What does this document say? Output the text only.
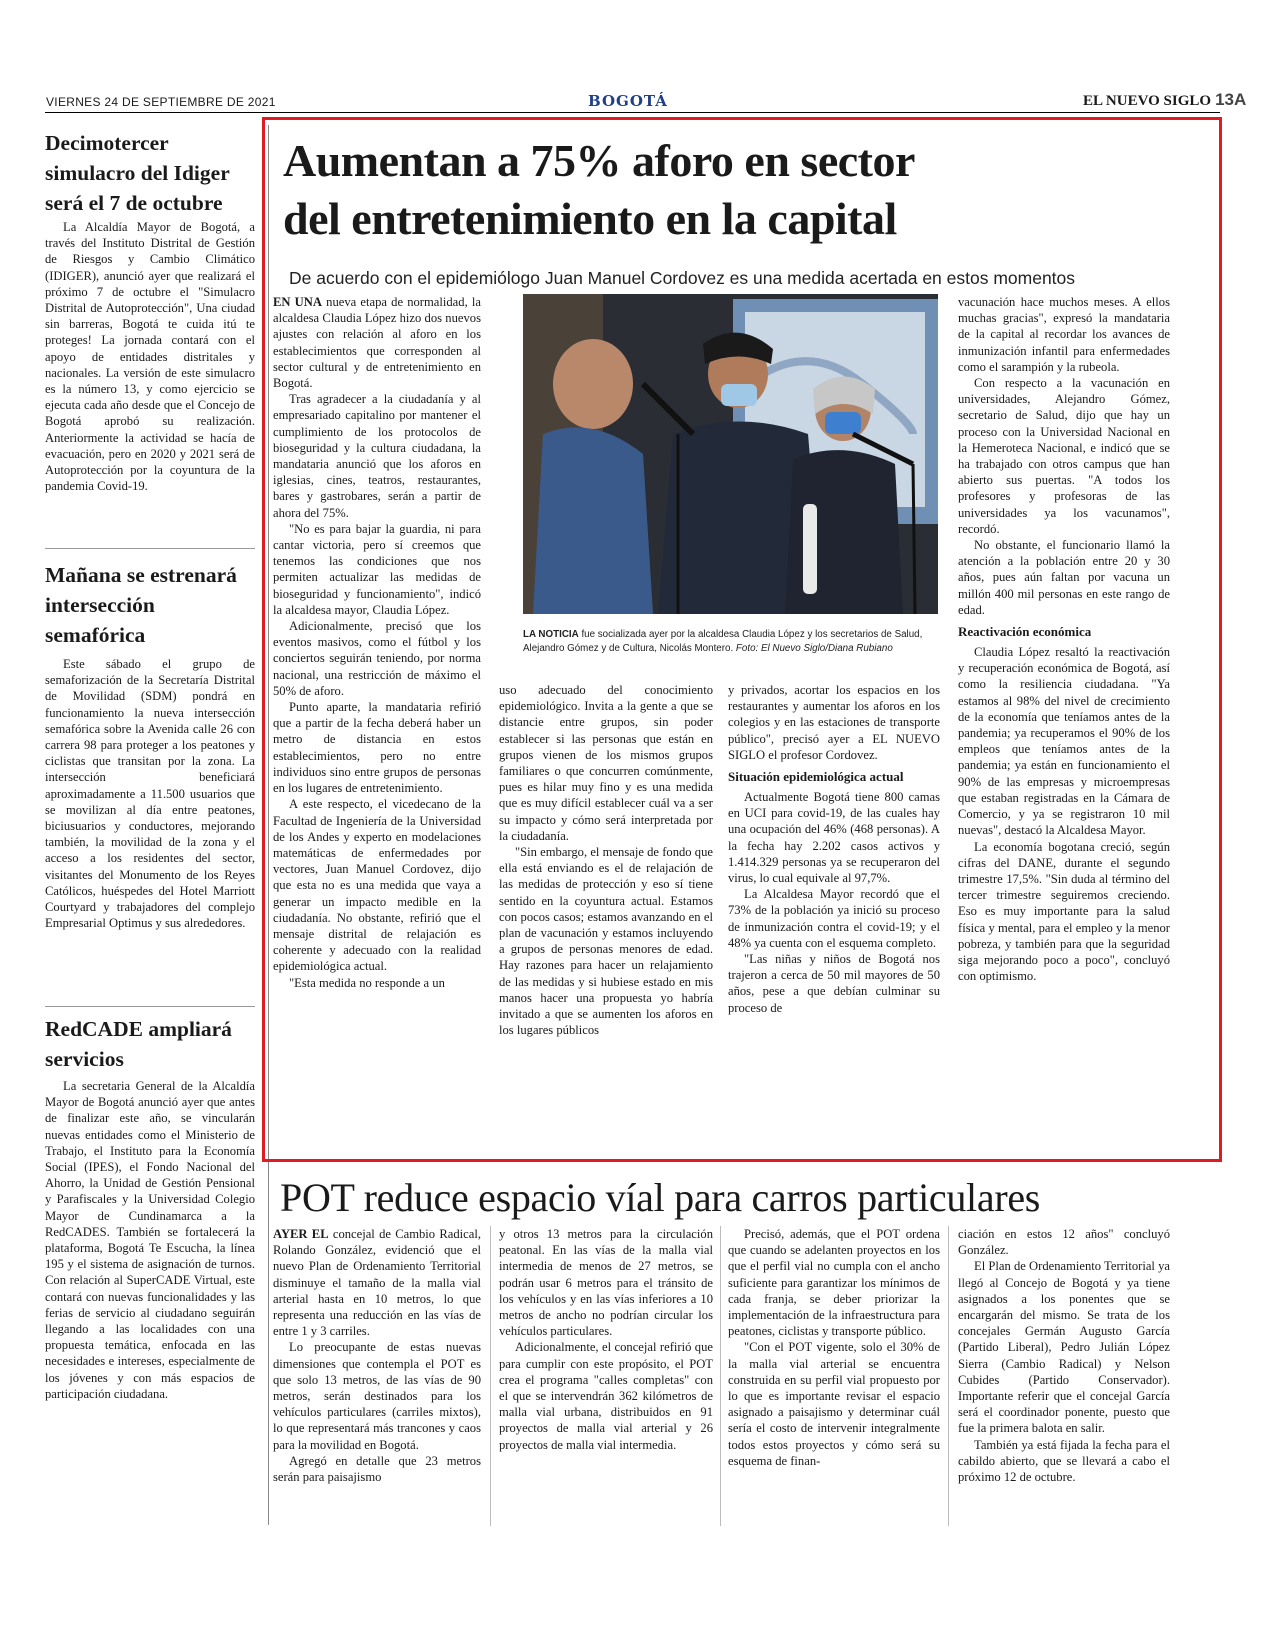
VIERNES 24 DE SEPTIEMBRE DE 2021	BOGOTÁ	EL NUEVO SIGLO 13A
Decimotercer simulacro del Idiger será el 7 de octubre

La Alcaldía Mayor de Bogotá, a través del Instituto Distrital de Gestión de Riesgos y Cambio Climático (IDIGER), anunció ayer que realizará el próximo 7 de octubre el "Simulacro Distrital de Autoprotección", Una ciudad sin barreras, Bogotá te cuida itú te proteges! La jornada contará con el apoyo de entidades distritales y nacionales. La versión de este simulacro es la número 13, y como ejercicio se ejecuta cada año desde que el Concejo de Bogotá aprobó su realización. Anteriormente la actividad se hacía de evacuación, pero en 2020 y 2021 será de Autoprotección por la coyuntura de la pandemia Covid-19.

Mañana se estrenará intersección semafórica

Este sábado el grupo de semaforización de la Secretaría Distrital de Movilidad (SDM) pondrá en funcionamiento la nueva intersección semafórica sobre la Avenida calle 26 con carrera 98 para proteger a los peatones y ciclistas que transitan por la zona. La intersección beneficiará aproximadamente a 11.500 usuarios que se movilizan al día entre peatones, biciusuarios y conductores, mejorando también, la movilidad de la zona y el acceso a los residentes del sector, visitantes del Monumento de los Reyes Católicos, huéspedes del Hotel Marriott Courtyard y trabajadores del complejo Empresarial Optimus y sus alrededores.

RedCADE ampliará servicios

La secretaria General de la Alcaldía Mayor de Bogotá anunció ayer que antes de finalizar este año, se vincularán nuevas entidades como el Ministerio de Trabajo, el Instituto para la Economía Social (IPES), el Fondo Nacional del Ahorro, la Unidad de Gestión Pensional y Parafiscales y la Universidad Colegio Mayor de Cundinamarca a la RedCADES. También se fortalecerá la plataforma, Bogotá Te Escucha, la línea 195 y el sistema de asignación de turnos. Con relación al SuperCADE Virtual, este contará con nuevas funcionalidades y las ferias de servicio al ciudadano seguirán llegando a las localidades con una propuesta temática, enfocada en las necesidades e intereses, especialmente de los jóvenes y con más espacios de participación ciudadana.

Aumentan a 75% aforo en sector
del entretenimiento en la capital
De acuerdo con el epidemiólogo Juan Manuel Cordovez es una medida acertada en estos momentos

EN UNA nueva etapa de normalidad, la alcaldesa Claudia López hizo dos nuevos ajustes con relación al aforo en los establecimientos que corresponden al sector cultural y de entretenimiento en Bogotá.

Tras agradecer a la ciudadanía y al empresariado capitalino por mantener el cumplimiento de los protocolos de bioseguridad y la cultura ciudadana, la mandataria anunció que los aforos en iglesias, cines, teatros, restaurantes, bares y gastrobares, serán a partir de ahora del 75%.

"No es para bajar la guardia, ni para cantar victoria, pero sí creemos que tenemos las condiciones que nos permiten actualizar las medidas de bioseguridad y funcionamiento", indicó la alcaldesa mayor, Claudia López.

Adicionalmente, precisó que los eventos masivos, como el fútbol y los conciertos seguirán teniendo, por norma nacional, una restricción de máximo el 50% de aforo.

Punto aparte, la mandataria refirió que a partir de la fecha deberá haber un metro de distancia en estos establecimientos, pero no entre individuos sino entre grupos de personas en los lugares de entretenimiento.

A este respecto, el vicedecano de la Facultad de Ingeniería de la Universidad de los Andes y experto en modelaciones matemáticas de enfermedades por vectores, Juan Manuel Cordovez, dijo que esta no es una medida que vaya a generar un impacto medible en la ciudadanía. No obstante, refirió que el mensaje distrital de relajación es coherente y adecuado con la realidad epidemiológica actual.

"Esta medida no responde a un

LA NOTICIA fue socializada ayer por la alcaldesa Claudia López y los secretarios de Salud, Alejandro Gómez y de Cultura, Nicolás Montero. Foto: El Nuevo Siglo/Diana Rubiano

uso adecuado del conocimiento epidemiológico. Invita a la gente a que se distancie entre grupos, sin poder establecer si las personas que están en grupos vienen de los mismos grupos familiares o que concurren comúnmente, pues es hilar muy fino y es una medida que es muy difícil establecer cuál va a ser su impacto y cómo será interpretada por la ciudadanía.

"Sin embargo, el mensaje de fondo que ella está enviando es el de relajación de las medidas de protección y eso sí tiene sentido en la coyuntura actual. Estamos con pocos casos; estamos avanzando en el plan de vacunación y estamos incluyendo a grupos de personas menores de edad. Hay razones para hacer un relajamiento de las medidas y si hubiese estado en mis manos hacer una propuesta yo habría invitado a que se aumenten los aforos en los lugares públicos

y privados, acortar los espacios en los restaurantes y aumentar los aforos en los colegios y en las estaciones de transporte público", precisó ayer a EL NUEVO SIGLO el profesor Cordovez.

Situación epidemiológica actual

Actualmente Bogotá tiene 800 camas en UCI para covid-19, de las cuales hay una ocupación del 46% (468 personas). A la fecha hay 2.202 casos activos y 1.414.329 personas ya se recuperaron del virus, lo cual equivale al 97,7%.

La Alcaldesa Mayor recordó que el 73% de la población ya inició su proceso de inmunización contra el covid-19; y el 48% ya cuenta con el esquema completo.

"Las niñas y niños de Bogotá nos trajeron a cerca de 50 mil mayores de 50 años, pese a que debían culminar su proceso de

vacunación hace muchos meses. A ellos muchas gracias", expresó la mandataria de la capital al recordar los avances de inmunización infantil para enfermedades como el sarampión y la rubeola.

Con respecto a la vacunación en universidades, Alejandro Gómez, secretario de Salud, dijo que hay un proceso con la Universidad Nacional en la Hemeroteca Nacional, e indicó que se ha trabajado con otros campus que han abierto sus puertas. "A todos los profesores y profesoras de las universidades ya los vacunamos", recordó.

No obstante, el funcionario llamó la atención a la población entre 20 y 30 años, pues aún faltan por vacuna un millón 400 mil personas en este rango de edad.

Reactivación económica

Claudia López resaltó la reactivación y recuperación económica de Bogotá, así como la resiliencia ciudadana. "Ya estamos al 98% del nivel de crecimiento de la economía que teníamos antes de la pandemia; ya recuperamos el 90% de los empleos que teníamos antes de la pandemia; ya están en funcionamiento el 90% de las empresas y microempresas que estaban registradas en la Cámara de Comercio, y ya se registraron 10 mil nuevas", destacó la Alcaldesa Mayor.

La economía bogotana creció, según cifras del DANE, durante el segundo trimestre 17,5%. "Sin duda al término del tercer trimestre seguiremos creciendo. Eso es muy importante para la salud física y mental, para el empleo y la menor pobreza, y también para que la seguridad siga mejorando poco a poco", concluyó con optimismo.

POT reduce espacio víal para carros particulares

AYER EL concejal de Cambio Radical, Rolando González, evidenció que el nuevo Plan de Ordenamiento Territorial disminuye el tamaño de la malla vial arterial hasta en 10 metros, lo que representa una reducción en las vías de entre 1 y 3 carriles.

Lo preocupante de estas nuevas dimensiones que contempla el POT es que solo 13 metros, de las vías de 90 metros, serán destinados para los vehículos particulares (carriles mixtos), lo que representará más trancones y caos para la movilidad en Bogotá.

Agregó en detalle que 23 metros serán para paisajismo

y otros 13 metros para la circulación peatonal. En las vías de la malla vial intermedia de menos de 27 metros, se podrán usar 6 metros para el tránsito de los vehículos y en las vías inferiores a 10 metros de ancho no podrían circular los vehículos particulares.

Adicionalmente, el concejal refirió que para cumplir con este propósito, el POT crea el programa "calles completas" con el que se intervendrán 362 kilómetros de malla vial urbana, distribuidos en 91 proyectos de malla vial arterial y 26 proyectos de malla vial intermedia.

Precisó, además, que el POT ordena que cuando se adelanten proyectos en los que el perfil vial no cumpla con el ancho suficiente para garantizar los mínimos de cada franja, se deber priorizar la implementación de la infraestructura para peatones, ciclistas y transporte público.

"Con el POT vigente, solo el 30% de la malla vial arterial se encuentra construida en su perfil vial propuesto por lo que es importante revisar el espacio asignado a paisajismo y determinar cuál sería el costo de intervenir integralmente todos estos proyectos y cómo será su esquema de finan-

ciación en estos 12 años" concluyó González.

El Plan de Ordenamiento Territorial ya llegó al Concejo de Bogotá y ya tiene asignados a los ponentes que se encargarán del mismo. Se trata de los concejales Germán Augusto García (Partido Liberal), Pedro Julián López Sierra (Cambio Radical) y Nelson Cubides (Partido Conservador). Importante referir que el concejal García será el coordinador ponente, puesto que fue la primera balota en salir.

También ya está fijada la fecha para el cabildo abierto, que se llevará a cabo el próximo 12 de octubre.
